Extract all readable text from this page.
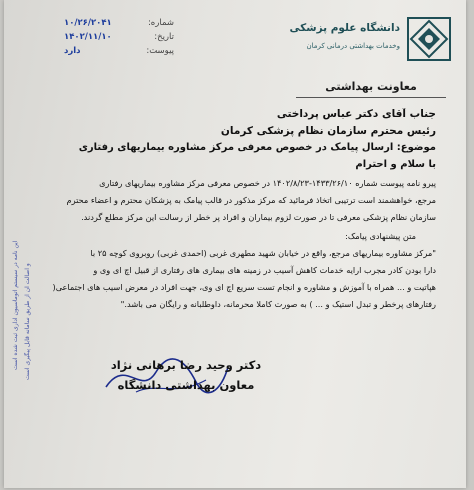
دانشگاه علوم پزشکی
وخدمات بهداشتی درمانی کرمان
معاونت بهداشتی
شماره:
۱۰/۲۶/۲۰۴۱
تاریخ:
۱۴۰۲/۱۱/۱۰
پیوست:
دارد
جناب آقای دکتر عباس پرداختی
رئیس محترم سازمان نظام پزشکی کرمان
موضوع: ارسال پیامک در خصوص معرفی مرکز مشاوره بیماریهای رفتاری
با سلام و احترام
پیرو نامه پیوست شماره ۱۴۳۳/۲۶/۱۰-۱۴۰۲/۸/۲۳ در خصوص معرفی مرکز مشاوره بیماریهای رفتاری
مرجع، خواهشمند است ترتیبی اتخاذ فرمائید که مرکز مذکور در قالب پیامک به پزشکان محترم و اعضاء محترم
سازمان نظام پزشکی معرفی تا در صورت لزوم بیماران و افراد پر خطر از رسالت این مرکز مطلع گردند.
متن پیشنهادی پیامک:
"مرکز مشاوره بیماریهای مرجع، واقع در خیابان شهید مطهری غربی (احمدی غربی) روبروی کوچه ۲۵ با
دارا بودن کادر مجرب ارایه خدمات کاهش آسیب در زمینه های بیماری های رفتاری از قبیل اچ ای وی و
هپاتیت و ... همراه با آموزش و مشاوره و انجام تست سریع اچ ای وی، جهت افراد در معرض اسیب های اجتماعی(
رفتارهای پرخطر و تبدل استیک و ... ) به صورت کاملا محرمانه، داوطلبانه و رایگان می باشد."
دکتر وحید رضا برهانی نژاد
معاون بهداشتی دانشگاه
این نامه در سیستم اتوماسیون اداری ثبت شده است و اصالت آن از طریق سامانه قابل پیگیری است
